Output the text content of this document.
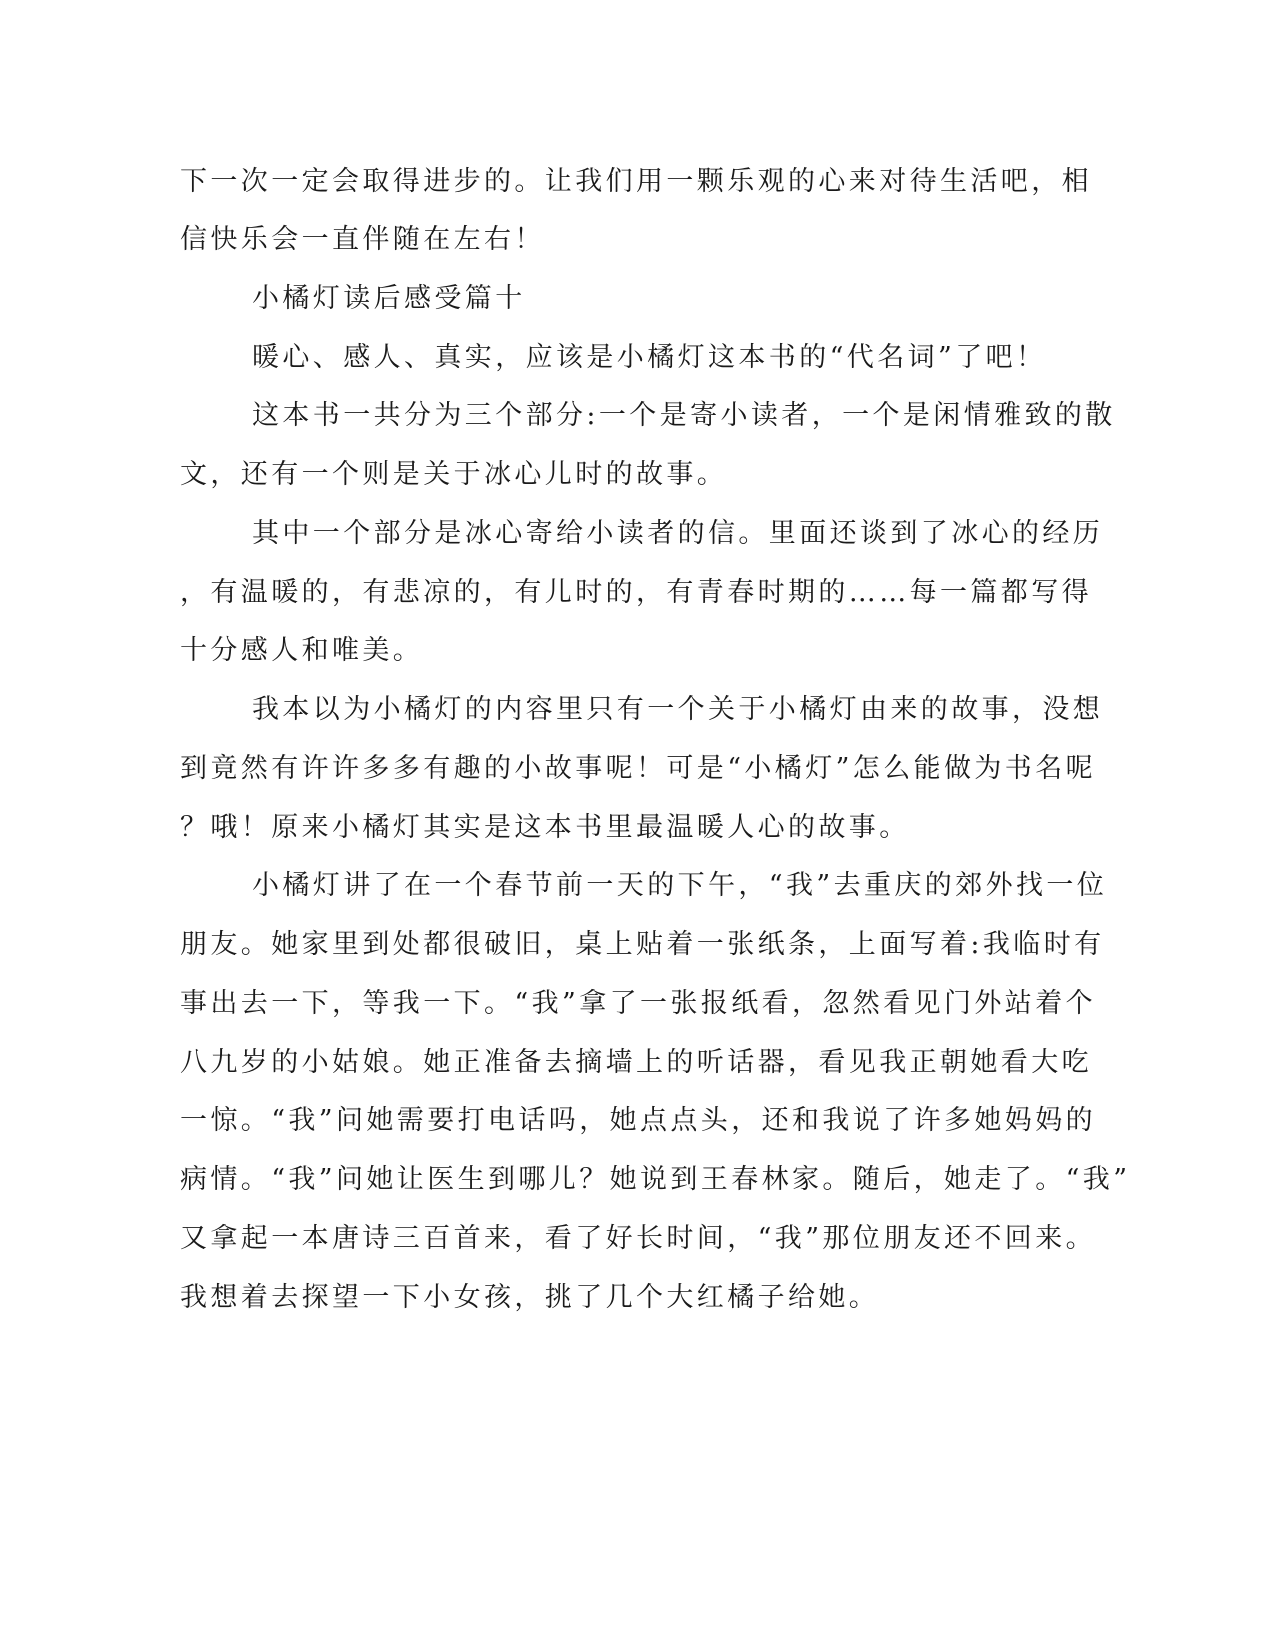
下一次一定会取得进步的。让我们用一颗乐观的心来对待生活吧，相
信快乐会一直伴随在左右！
小橘灯读后感受篇十
暖心、感人、真实，应该是小橘灯这本书的“代名词”了吧！
这本书一共分为三个部分:一个是寄小读者，一个是闲情雅致的散
文，还有一个则是关于冰心儿时的故事。
其中一个部分是冰心寄给小读者的信。里面还谈到了冰心的经历
，有温暖的，有悲凉的，有儿时的，有青春时期的……每一篇都写得
十分感人和唯美。
我本以为小橘灯的内容里只有一个关于小橘灯由来的故事，没想
到竟然有许许多多有趣的小故事呢！可是“小橘灯”怎么能做为书名呢
？哦！原来小橘灯其实是这本书里最温暖人心的故事。
小橘灯讲了在一个春节前一天的下午，“我”去重庆的郊外找一位
朋友。她家里到处都很破旧，桌上贴着一张纸条，上面写着:我临时有
事出去一下，等我一下。“我”拿了一张报纸看，忽然看见门外站着个
八九岁的小姑娘。她正准备去摘墙上的听话器，看见我正朝她看大吃
一惊。“我”问她需要打电话吗，她点点头，还和我说了许多她妈妈的
病情。“我”问她让医生到哪儿？她说到王春林家。随后，她走了。“我”
又拿起一本唐诗三百首来，看了好长时间，“我”那位朋友还不回来。
我想着去探望一下小女孩，挑了几个大红橘子给她。
